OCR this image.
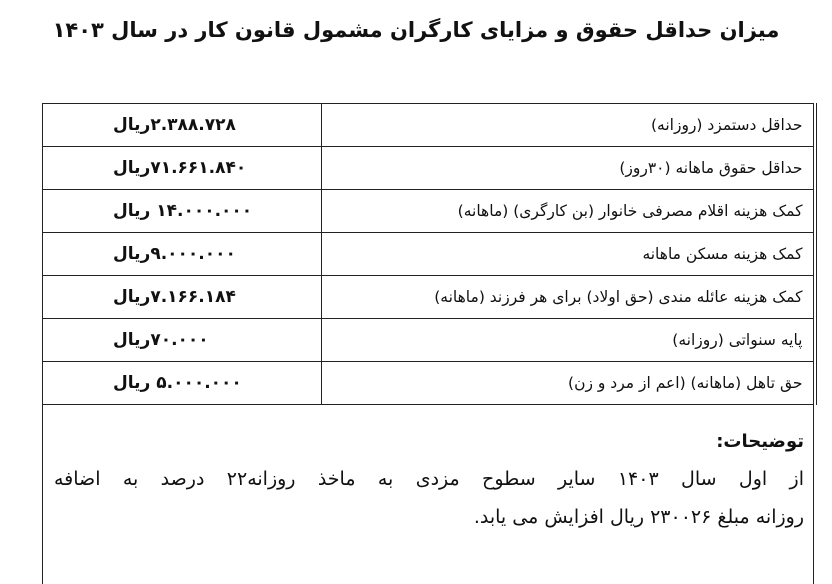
میزان حداقل حقوق و مزایای کارگران مشمول قانون کار در سال ۱۴۰۳
حداقل دستمزد (روزانه)	۲.۳۸۸.۷۲۸ریال
حداقل حقوق ماهانه (۳۰روز)	۷۱.۶۶۱.۸۴۰ریال
کمک هزینه اقلام مصرفی خانوار (بن کارگری) (ماهانه)	۱۴.۰۰۰.۰۰۰ ریال
کمک هزینه مسکن ماهانه	۹.۰۰۰.۰۰۰ریال
کمک هزینه عائله مندی (حق اولاد) برای هر فرزند (ماهانه)	۷.۱۶۶.۱۸۴ریال
پایه سنواتی (روزانه)	۷۰.۰۰۰ریال
حق تاهل (ماهانه) (اعم از مرد و زن)	۵.۰۰۰.۰۰۰ ریال
توضیحات:
از اول سال ۱۴۰۳ سایر سطوح مزدی به ماخذ روزانه۲۲ درصد به اضافه
روزانه مبلغ ۲۳۰۰۲۶ ریال افزایش می یابد.
